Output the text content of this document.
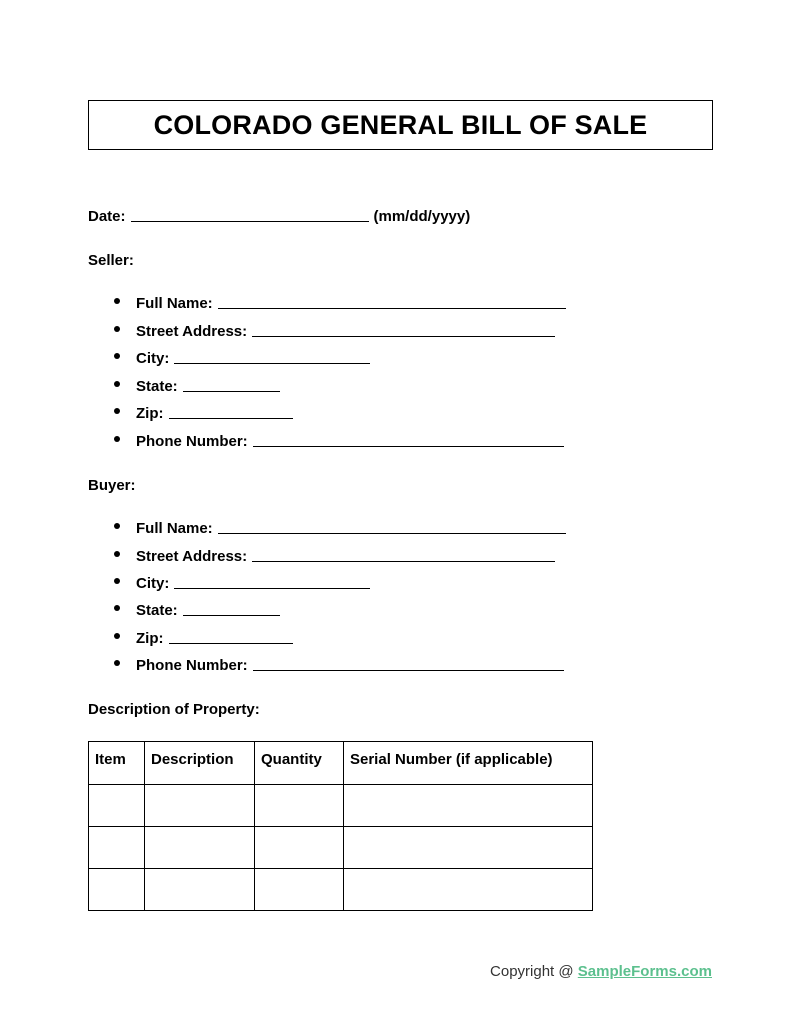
COLORADO GENERAL BILL OF SALE
Date:	(mm/dd/yyyy)
Seller:
Full Name:
Street Address:
City:
State:
Zip:
Phone Number:
Buyer:
Full Name:
Street Address:
City:
State:
Zip:
Phone Number:
Description of Property:
Item	Description	Quantity	Serial Number (if applicable)

Copyright @ SampleForms.com
